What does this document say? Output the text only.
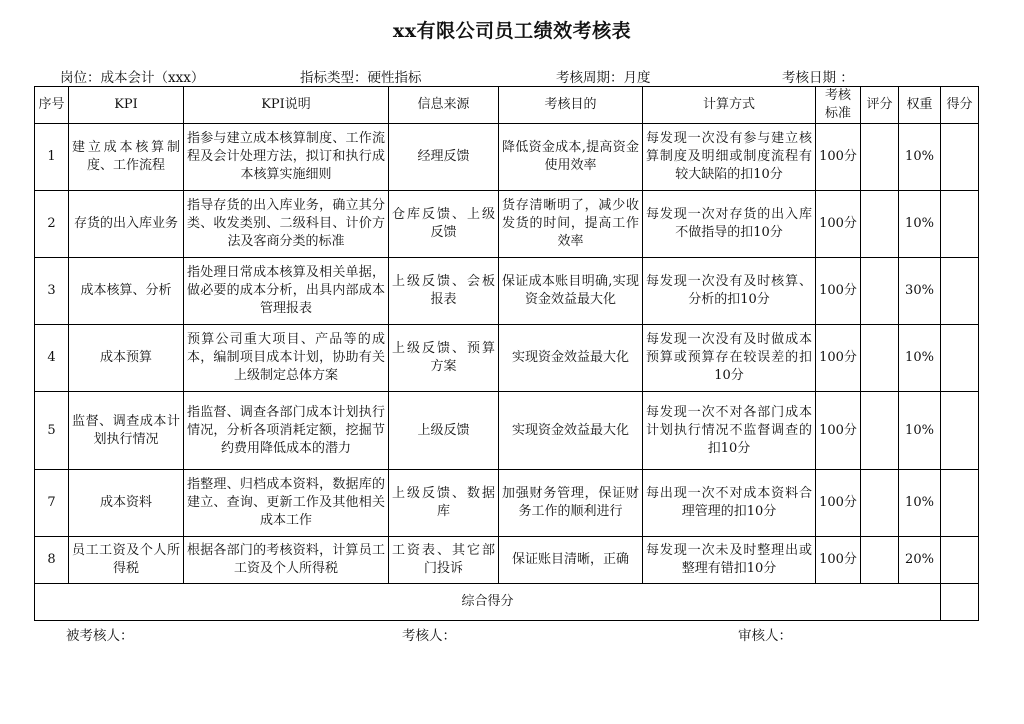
xx有限公司员工绩效考核表
岗位：成本会计（xxx）	指标类型：硬性指标	考核周期：月度	考核日期 ：
序号	KPI	KPI说明	信息来源	考核目的	计算方式	考核标准	评分	权重	得分
1	建立成本核算制度、工作流程	指参与建立成本核算制度、工作流程及会计处理方法，拟订和执行成本核算实施细则	经理反馈	降低资金成本,提高资金使用效率	每发现一次没有参与建立核算制度及明细或制度流程有较大缺陷的扣10分	100分		10%	
2	存货的出入库业务	指导存货的出入库业务，确立其分类、收发类别、二级科目、计价方法及客商分类的标准	仓库反馈、上级反馈	货存清晰明了，减少收发货的时间，提高工作效率	每发现一次对存货的出入库不做指导的扣10分	100分		10%	
3	成本核算、分析	指处理日常成本核算及相关单据，做必要的成本分析，出具内部成本管理报表	上级反馈、会板报表	保证成本账目明确,实现资金效益最大化	每发现一次没有及时核算、分析的扣10分	100分		30%	
4	成本预算	预算公司重大项目、产品等的成本，编制项目成本计划，协助有关上级制定总体方案	上级反馈、预算方案	实现资金效益最大化	每发现一次没有及时做成本预算或预算存在较误差的扣10分	100分		10%	
5	监督、调查成本计划执行情况	指监督、调查各部门成本计划执行情况，分析各项消耗定额，挖掘节约费用降低成本的潜力	上级反馈	实现资金效益最大化	每发现一次不对各部门成本计划执行情况不监督调查的扣10分	100分		10%	
7	成本资料	指整理、归档成本资料，数据库的建立、查询、更新工作及其他相关成本工作	上级反馈、数据库	加强财务管理，保证财务工作的顺利进行	每出现一次不对成本资料合理管理的扣10分	100分		10%	
8	员工工资及个人所得税	根据各部门的考核资料，计算员工工资及个人所得税	工资表、其它部门投诉	保证账目清晰，正确	每发现一次未及时整理出或整理有错扣10分	100分		20%	
综合得分									
被考核人：	考核人：	审核人：
